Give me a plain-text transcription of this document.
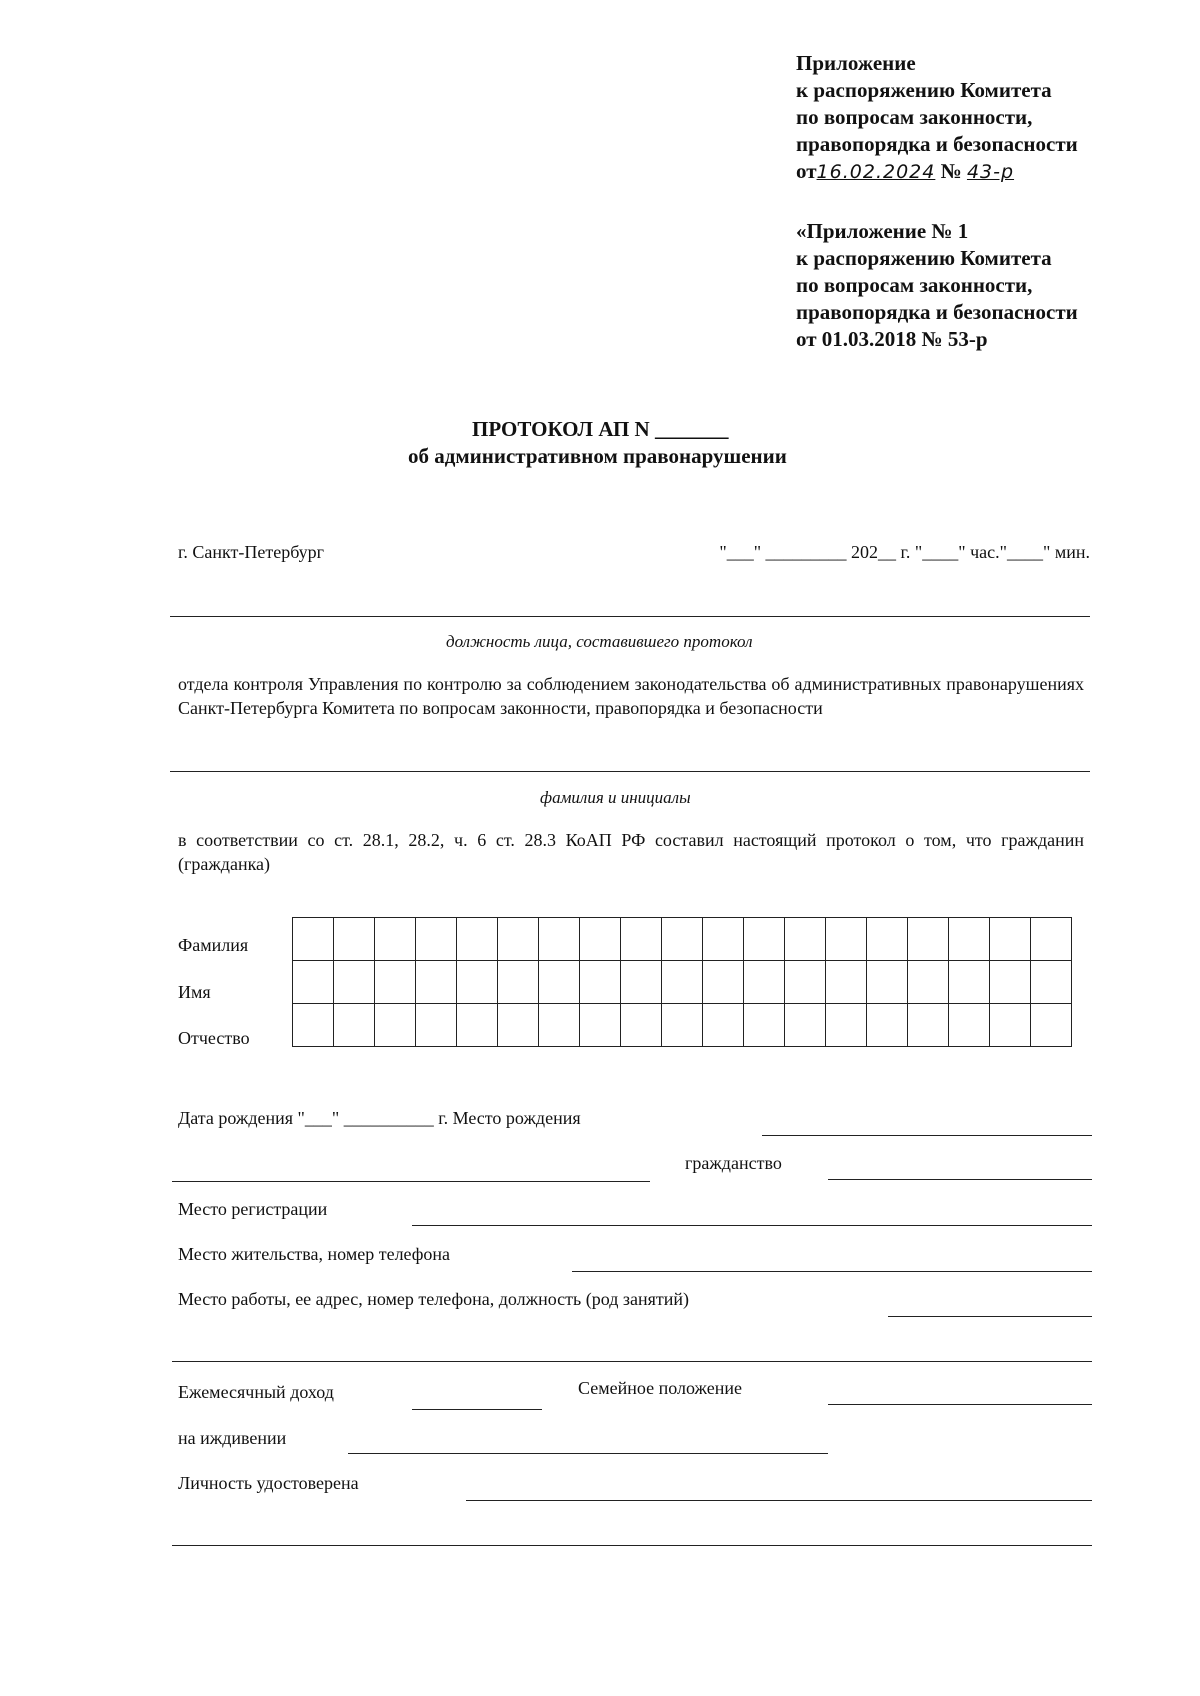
Приложение
к распоряжению Комитета
по вопросам законности,
правопорядка и безопасности
от16.02.2024 № 43-р
«Приложение № 1
к распоряжению Комитета
по вопросам законности,
правопорядка и безопасности
от 01.03.2018 № 53-р
ПРОТОКОЛ АП N _______
об административном правонарушении
г. Санкт-Петербург	"___" _________ 202__ г. "____" час."____" мин.
должность лица, составившего протокол
отдела контроля Управления по контролю за соблюдением законодательства об административных правонарушениях Санкт-Петербурга Комитета по вопросам законности, правопорядка и безопасности
фамилия и инициалы
в соответствии со ст. 28.1, 28.2, ч. 6 ст. 28.3 КоАП РФ составил настоящий протокол о том, что гражданин (гражданка)
Фамилия
Имя
Отчество

Дата рождения "___" __________ г. Место рождения
гражданство
Место регистрации
Место жительства, номер телефона
Место работы, ее адрес, номер телефона, должность (род занятий)
Ежемесячный доход	Семейное положение
на иждивении
Личность удостоверена
